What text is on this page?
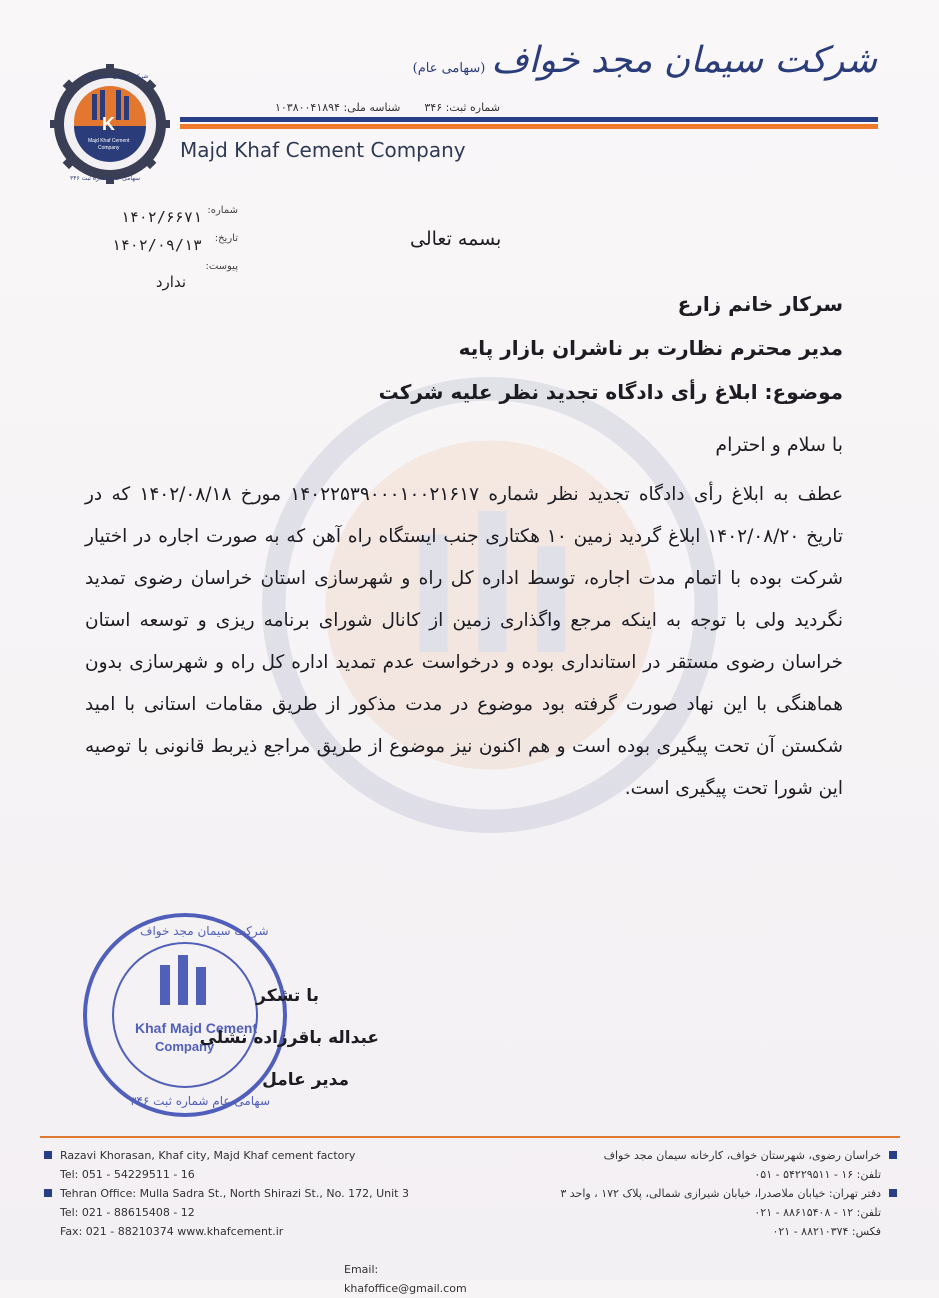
K
Majd Khaf Cement
Company
شرکت سیمان مجد خواف
سهامی عام شماره ثبت ۳۴۶
شرکت سیمان مجد خواف(سهامی عام)
شماره ثبت: ۳۴۶
شناسه ملی: ۱۰۳۸۰۰۴۱۸۹۴
Majd Khaf Cement Company
شماره:
۱۴۰۲/۶۶۷۱
تاریخ:
۱۴۰۲/۰۹/۱۳
پیوست:
ندارد
بسمه تعالی
سرکار خانم زارع
مدیر محترم نظارت بر ناشران بازار پایه
موضوع: ابلاغ رأی دادگاه تجدید نظر علیه شرکت
با سلام و احترام
عطف به ابلاغ رأی دادگاه تجدید نظر شماره ۱۴۰۲۲۵۳۹۰۰۰۱۰۰۲۱۶۱۷ مورخ ۱۴۰۲/۰۸/۱۸ که در تاریخ ۱۴۰۲/۰۸/۲۰ ابلاغ گردید زمین ۱۰ هکتاری جنب ایستگاه راه آهن که به صورت اجاره در اختیار شرکت بوده با اتمام مدت اجاره، توسط اداره کل راه و شهرسازی استان خراسان رضوی تمدید نگردید ولی با توجه به اینکه مرجع واگذاری زمین از کانال شورای برنامه ریزی و توسعه استان خراسان رضوی مستقر در استانداری بوده و درخواست عدم تمدید اداره کل راه و شهرسازی بدون هماهنگی با این نهاد صورت گرفته بود موضوع در مدت مذکور از طریق مقامات استانی با امید شکستن آن تحت پیگیری بوده است و هم اکنون نیز موضوع از طریق مراجع ذیربط قانونی با توصیه این شورا تحت پیگیری است.
Khaf Majd Cement
Company
شرکت سیمان مجد خواف
سهامی عام شماره ثبت ۳۴۶
با تشکر
عبداله باقرزاده نشلی
مدیر عامل
Razavi Khorasan, Khaf city, Majd Khaf cement factory
Tel: 051 - 54229511 - 16
Tehran Office: Mulla Sadra St., North Shirazi St., No. 172, Unit 3
Tel: 021 - 88615408 - 12
Fax: 021 - 88210374 www.khafcement.ir
Email: khafoffice@gmail.com
خراسان رضوی، شهرستان خواف، کارخانه سیمان مجد خواف
تلفن: ۱۶ - ۵۴۲۲۹۵۱۱ - ۰۵۱
دفتر تهران: خیابان ملاصدرا، خیابان شیرازی شمالی، پلاک ۱۷۲ ، واحد ۳
تلفن: ۱۲ - ۸۸۶۱۵۴۰۸ - ۰۲۱
فکس: ۸۸۲۱۰۳۷۴ - ۰۲۱
